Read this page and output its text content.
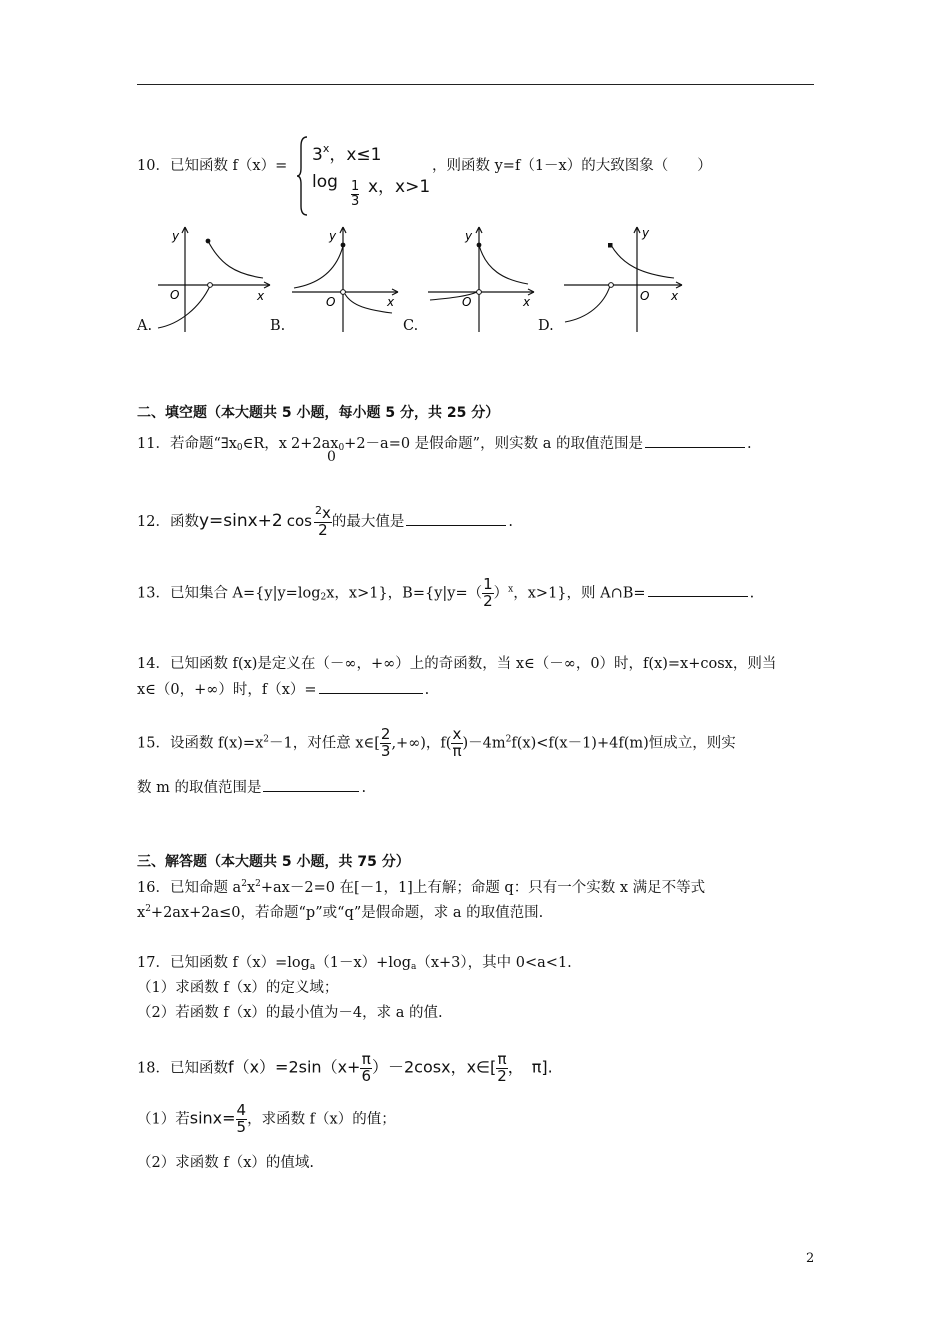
10．已知函数 f（x）=
$3^x$，x≤1
log 1
3
x，x>1
，则函数 y=f（1－x）的大致图象（　　）
y
x
O
A.
y
x
O
B.
y
x
O
C.
y
x
O
D.
二、填空题（本大题共 5 小题，每小题 5 分，共 25 分）
11．若命题“$\exists x_0\in R$，x $2+2ax_0+2-a=0$ 是假命题”，则实数 a 的取值范围是	.
0
12．函数y=sinx+2 $\cos \frac{^2x}{2}$ 的最大值是	.
13．已知集合 $A=\{y|y=\log_2x$，x>1}，$B=\{y|y=( \frac{1}{2} )^x$，x>1}，则 A∩B=	.
14．已知函数 f(x)是定义在（－∞，+∞）上的奇函数，当 x∈（－∞，0）时，f(x)=x+cosx，则当
x∈（0，+∞）时，f（x）=	.
15．设函数 $f(x)=x^2-1$，对任意 x∈[ $\frac{2}{3}$ ,+∞)，$f( \frac{x}{\pi} )-4m^2f(x)<f(x-1)+4f(m)$恒成立，则实
数 m 的取值范围是	.
三、解答题（本大题共 5 小题，共 75 分）
16．已知命题 $a^2x^2+ax-2=0$ 在[－1，1]上有解；命题 q：只有一个实数 x 满足不等式
$x^2+2ax+2a\le 0$，若命题“p”或“q”是假命题，求 a 的取值范围.
17．已知函数 $f(x)=\log_a(1-x)+\log_a(x+3)$，其中 0<a<1.
（1）求函数 f（x）的定义域；
（2）若函数 f（x）的最小值为－4，求 a 的值.
18．已知函数$f(x)=2\sin(x+ \frac{\pi}{6} )-2\cos x$，x∈[ $\frac{\pi}{2}$ ，　π].
（1）若$\sin x= \frac{4}{5}$ ，求函数 f（x）的值；
（2）求函数 f（x）的值域.
2
